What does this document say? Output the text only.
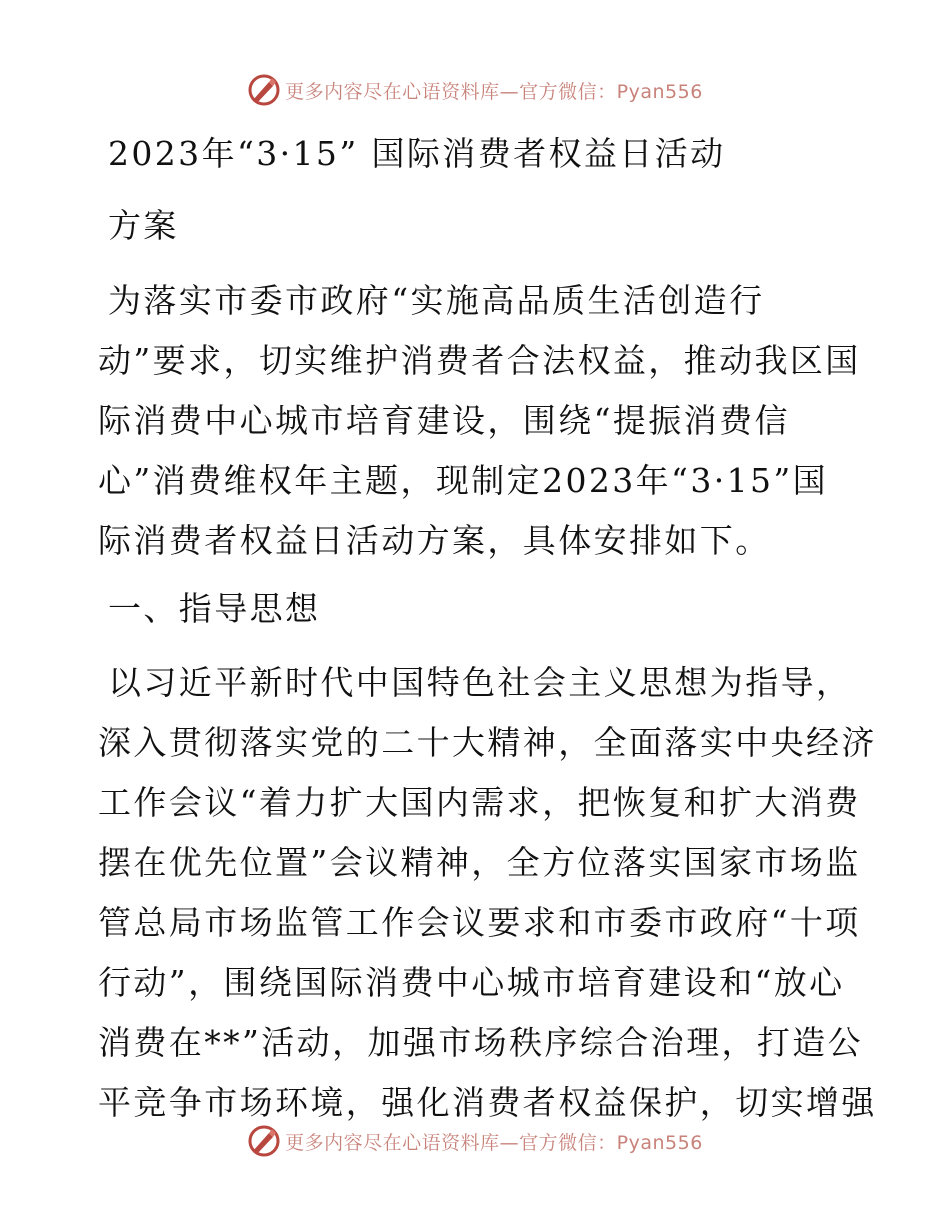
更多内容尽在心语资料库—官方微信：Pyan556
2023年“3·15” 国际消费者权益日活动
方案
为落实市委市政府“实施高品质生活创造行
动”要求，切实维护消费者合法权益，推动我区国
际消费中心城市培育建设，围绕“提振消费信
心”消费维权年主题，现制定2023年“3·15”国
际消费者权益日活动方案，具体安排如下。
一、指导思想
以习近平新时代中国特色社会主义思想为指导，
深入贯彻落实党的二十大精神，全面落实中央经济
工作会议“着力扩大国内需求，把恢复和扩大消费
摆在优先位置”会议精神，全方位落实国家市场监
管总局市场监管工作会议要求和市委市政府“十项
行动”，围绕国际消费中心城市培育建设和“放心
消费在**”活动，加强市场秩序综合治理，打造公
平竞争市场环境，强化消费者权益保护，切实增强
更多内容尽在心语资料库—官方微信：Pyan556
